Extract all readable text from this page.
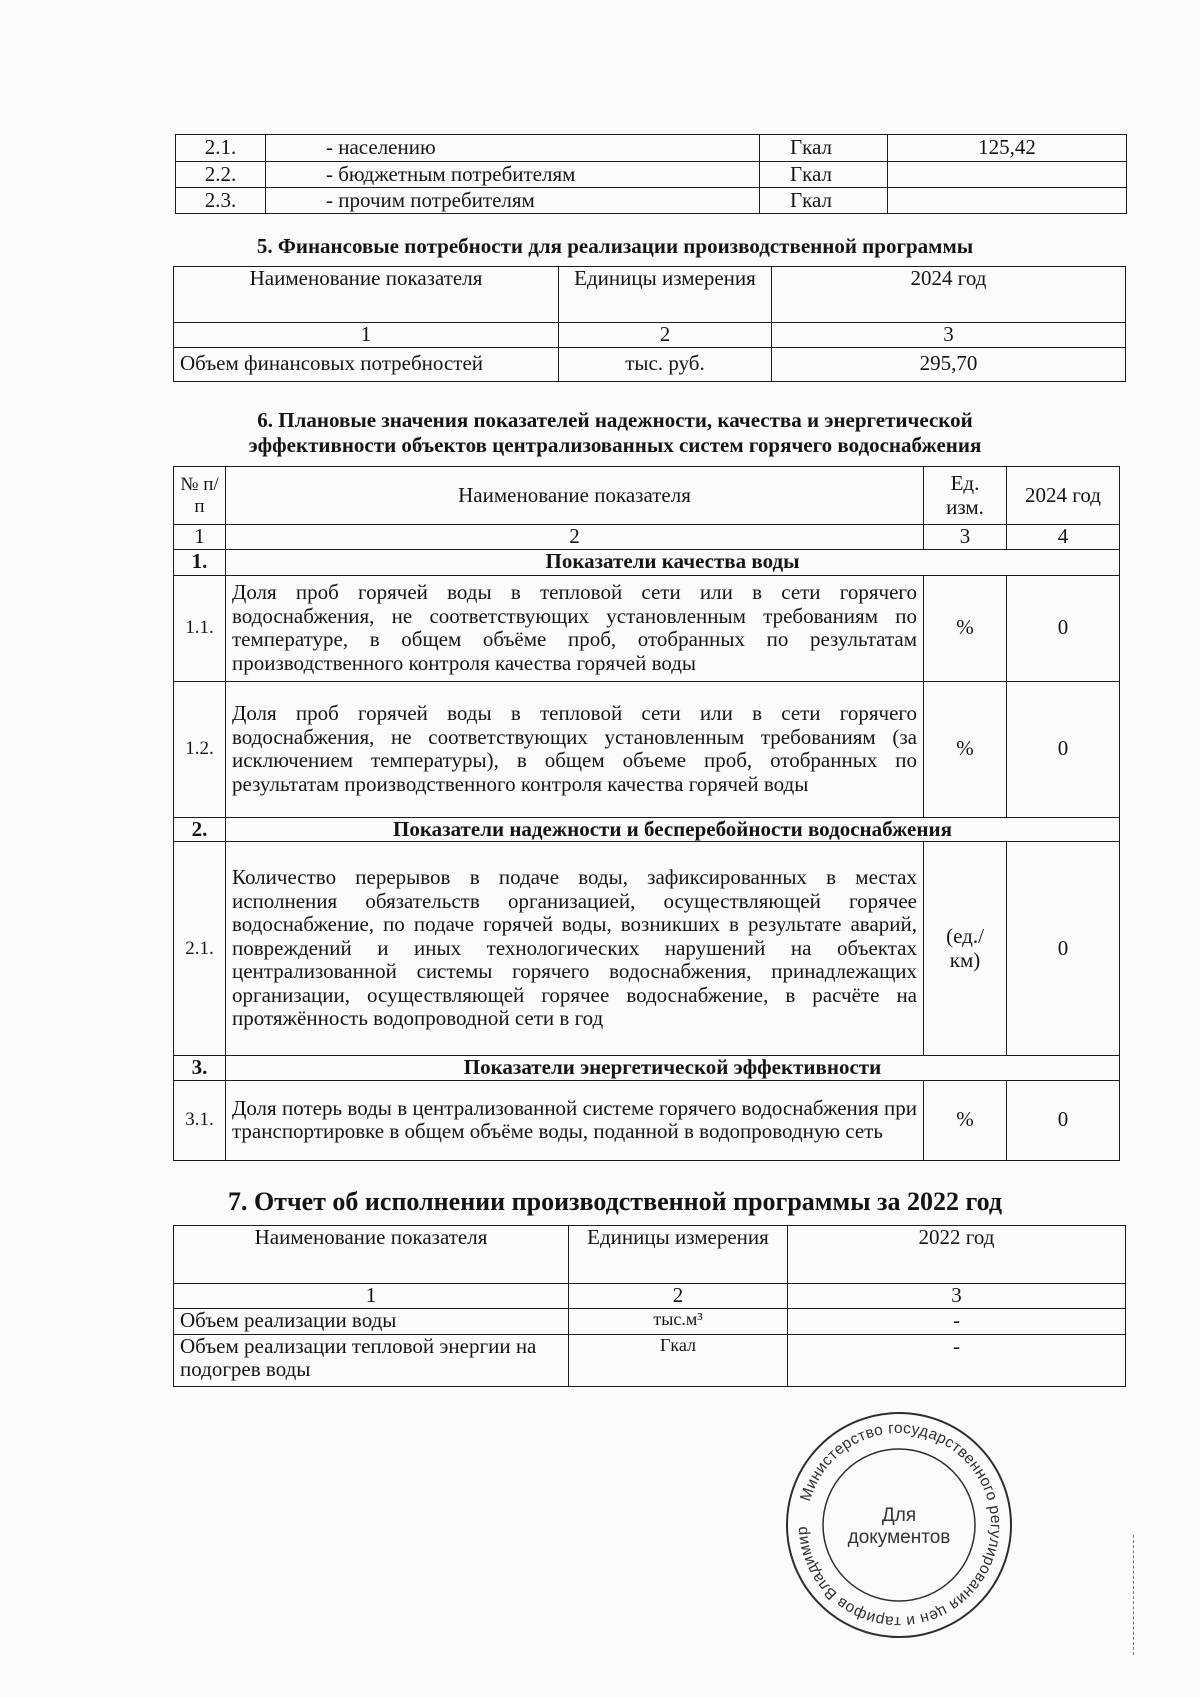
2.1.	- населению	Гкал	125,42
2.2.	- бюджетным потребителям	Гкал	
2.3.	- прочим потребителям	Гкал	
5. Финансовые потребности для реализации производственной программы
Наименование показателя	Единицы измерения	2024 год
1	2	3
Объем финансовых потребностей	тыс. руб.	295,70
6. Плановые значения показателей надежности, качества и энергетической
эффективности объектов централизованных систем горячего водоснабжения
№ п/п	Наименование показателя	Ед. изм.	2024 год
1	2	3	4
1.	Показатели качества воды		
1.1.	Доля проб горячей воды в тепловой сети или в сети горячего водоснабжения, не соответствующих установленным требованиям по температуре, в общем объёме проб, отобранных по результатам производственного контроля качества горячей воды	%	0
1.2.	Доля проб горячей воды в тепловой сети или в сети горячего водоснабжения, не соответствующих установленным требованиям (за исключением температуры), в общем объеме проб, отобранных по результатам производственного контроля качества горячей воды	%	0
2.	Показатели надежности и бесперебойности водоснабжения		
2.1.	Количество перерывов в подаче воды, зафиксированных в местах исполнения обязательств организацией, осуществляющей горячее водоснабжение, по подаче горячей воды, возникших в результате аварий, повреждений и иных технологических нарушений на объектах централизованной системы горячего водоснабжения, принадлежащих организации, осуществляющей горячее водоснабжение, в расчёте на протяжённость водопроводной сети в год	(ед./ км)	0
3.	Показатели энергетической эффективности		
3.1.	Доля потерь воды в централизованной системе горячего водоснабжения при транспортировке в общем объёме воды, поданной в водопроводную сеть	%	0
7. Отчет об исполнении производственной программы за 2022 год
Наименование показателя	Единицы измерения	2022 год
1	2	3
Объем реализации воды	тыс.м³	-
Объем реализации тепловой энергии на подогрев воды	Гкал	-
Министерство государственного регулирования цен и тарифов Владимир
Для
документов
